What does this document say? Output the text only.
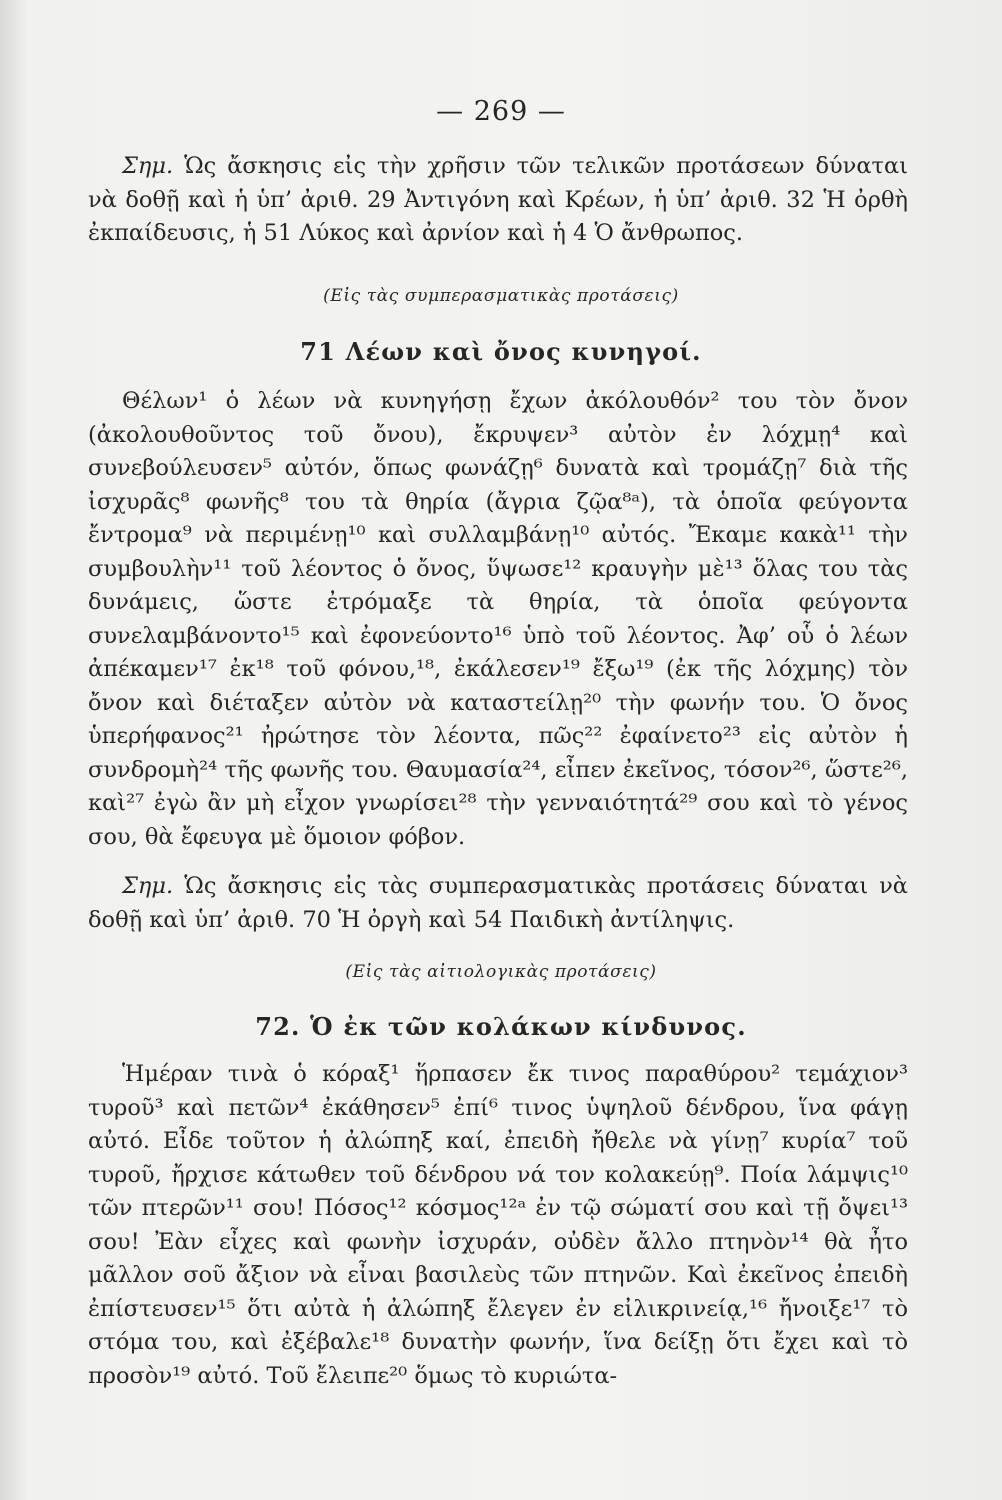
— 269 —

Σημ. Ὡς ἄσκησις εἰς τὴν χρῆσιν τῶν τελικῶν προτάσεων δύναται νὰ δοθῇ καὶ ἡ ὑπ’ ἀριθ. 29 Ἀντιγόνη καὶ Κρέων, ἡ ὑπ’ ἀριθ. 32 Ἡ ὀρθὴ ἐκπαίδευσις, ἡ 51 Λύκος καὶ ἀρνίον καὶ ἡ 4 Ὁ ἄνθρωπος.

(Εἰς τὰς συμπερασματικὰς προτάσεις)
71 Λέων καὶ ὄνος κυνηγοί.

Θέλων¹ ὁ λέων νὰ κυνηγήσῃ ἔχων ἀκόλουθόν² του τὸν ὄνον (ἀκολουθοῦντος τοῦ ὄνου), ἔκρυψεν³ αὐτὸν ἐν λόχμῃ⁴ καὶ συνεβούλευσεν⁵ αὐτόν, ὅπως φωνάζῃ⁶ δυνατὰ καὶ τρομάζῃ⁷ διὰ τῆς ἰσχυρᾶς⁸ φωνῆς⁸ του τὰ θηρία (ἄγρια ζῷα⁸ᵃ), τὰ ὁποῖα φεύγοντα ἔντρομα⁹ νὰ περιμένῃ¹⁰ καὶ συλλαμβάνῃ¹⁰ αὐτός. Ἔκαμε κακὰ¹¹ τὴν συμβουλὴν¹¹ τοῦ λέοντος ὁ ὄνος, ὕψωσε¹² κραυγὴν μὲ¹³ ὅλας του τὰς δυνάμεις, ὥστε ἐτρόμαξε τὰ θηρία, τὰ ὁποῖα φεύγοντα συνελαμβάνοντο¹⁵ καὶ ἐφονεύοντο¹⁶ ὑπὸ τοῦ λέοντος. Ἀφ’ οὗ ὁ λέων ἀπέκαμεν¹⁷ ἐκ¹⁸ τοῦ φόνου,¹⁸, ἐκάλεσεν¹⁹ ἔξω¹⁹ (ἐκ τῆς λόχμης) τὸν ὄνον καὶ διέταξεν αὐτὸν νὰ καταστείλῃ²⁰ τὴν φωνήν του. Ὁ ὄνος ὑπερήφανος²¹ ἠρώτησε τὸν λέοντα, πῶς²² ἐφαίνετο²³ εἰς αὐτὸν ἡ συνδρομὴ²⁴ τῆς φωνῆς του. Θαυμασία²⁴, εἶπεν ἐκεῖνος, τόσον²⁶, ὥστε²⁶, καὶ²⁷ ἐγὼ ἂν μὴ εἶχον γνωρίσει²⁸ τὴν γενναιότητά²⁹ σου καὶ τὸ γένος σου, θὰ ἔφευγα μὲ ὅμοιον φόβον.

Σημ. Ὡς ἄσκησις εἰς τὰς συμπερασματικὰς προτάσεις δύναται νὰ δοθῇ καὶ ὑπ’ ἀριθ. 70 Ἡ ὀργὴ καὶ 54 Παιδικὴ ἀντίληψις.

(Εἰς τὰς αἰτιολογικὰς προτάσεις)
72. Ὁ ἐκ τῶν κολάκων κίνδυνος.

Ἡμέραν τινὰ ὁ κόραξ¹ ἥρπασεν ἔκ τινος παραθύρου² τεμάχιον³ τυροῦ³ καὶ πετῶν⁴ ἐκάθησεν⁵ ἐπί⁶ τινος ὑψηλοῦ δένδρου, ἵνα φάγῃ αὐτό. Εἶδε τοῦτον ἡ ἀλώπηξ καί, ἐπειδὴ ἤθελε νὰ γίνῃ⁷ κυρία⁷ τοῦ τυροῦ, ἤρχισε κάτωθεν τοῦ δένδρου νά τον κολακεύῃ⁹. Ποία λάμψις¹⁰ τῶν πτερῶν¹¹ σου! Πόσος¹² κόσμος¹²ᵃ ἐν τῷ σώματί σου καὶ τῇ ὄψει¹³ σου! Ἐὰν εἶχες καὶ φωνὴν ἰσχυράν, οὐδὲν ἄλλο πτηνὸν¹⁴ θὰ ἦτο μᾶλλον σοῦ ἄξιον νὰ εἶναι βασιλεὺς τῶν πτηνῶν. Καὶ ἐκεῖνος ἐπειδὴ ἐπίστευσεν¹⁵ ὅτι αὐτὰ ἡ ἀλώπηξ ἔλεγεν ἐν εἰλικρινείᾳ,¹⁶ ἤνοιξε¹⁷ τὸ στόμα του, καὶ ἐξέβαλε¹⁸ δυνατὴν φωνήν, ἵνα δείξῃ ὅτι ἔχει καὶ τὸ προσὸν¹⁹ αὐτό. Τοῦ ἔλειπε²⁰ ὅμως τὸ κυριώτα-
